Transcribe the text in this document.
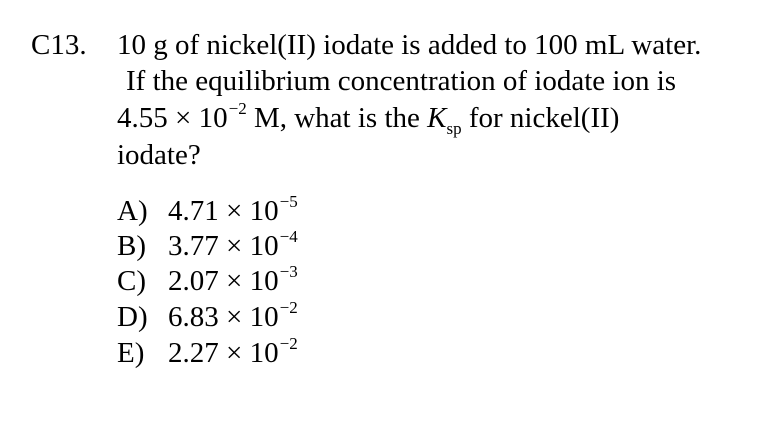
C13. 10 g of nickel(II) iodate is added to 100 mL water.
If the equilibrium concentration of iodate ion is
$4.55 \times 10^{-2}$ M, what is the $K_{sp}$ for nickel(II)
iodate?
A) $4.71 \times 10^{-5}$
B) $3.77 \times 10^{-4}$
C) $2.07 \times 10^{-3}$
D) $6.83 \times 10^{-2}$
E) $2.27 \times 10^{-2}$
